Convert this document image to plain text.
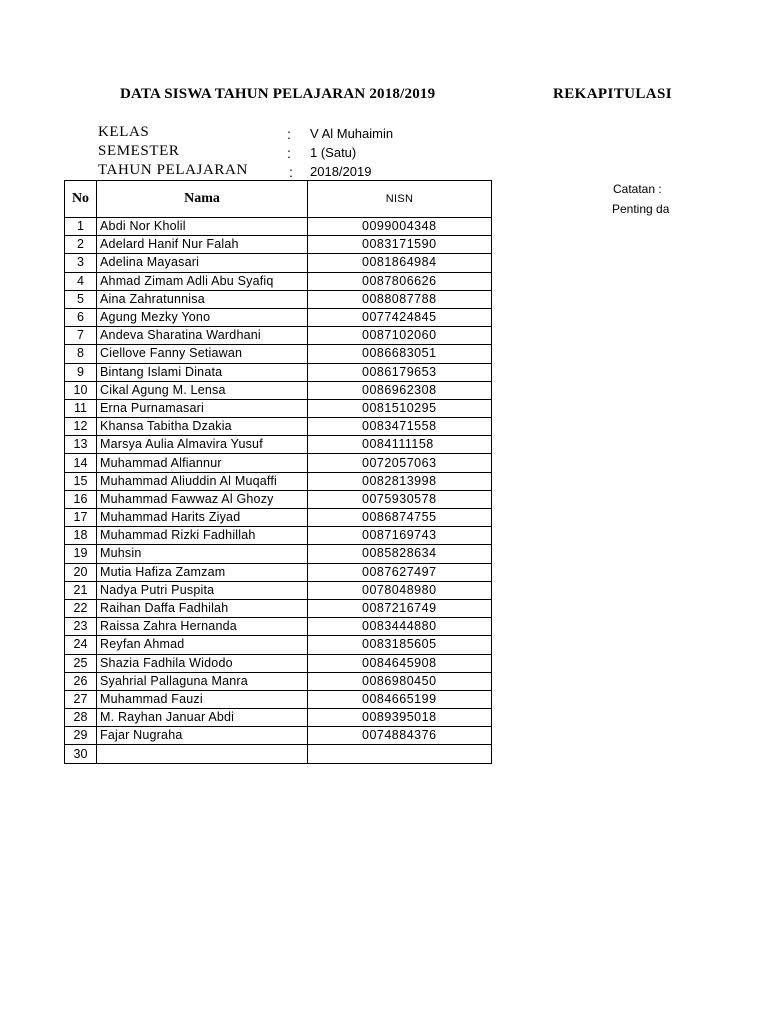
DATA SISWA TAHUN PELAJARAN 2018/2019	REKAPITULASI
KELAS	: V Al Muhaimin
SEMESTER	: 1 (Satu)
TAHUN PELAJARAN	: 2018/2019
Catatan :
Penting da
No	Nama	NISN
1	Abdi Nor Kholil	0099004348
2	Adelard Hanif Nur Falah	0083171590
3	Adelina Mayasari	0081864984
4	Ahmad Zimam Adli Abu Syafiq	0087806626
5	Aina Zahratunnisa	0088087788
6	Agung Mezky Yono	0077424845
7	Andeva Sharatina Wardhani	0087102060
8	Ciellove Fanny Setiawan	0086683051
9	Bintang Islami Dinata	0086179653
10	Cikal Agung M. Lensa	0086962308
11	Erna Purnamasari	0081510295
12	Khansa Tabitha Dzakia	0083471558
13	Marsya Aulia Almavira Yusuf	0084111158
14	Muhammad Alfiannur	0072057063
15	Muhammad Aliuddin Al Muqaffi	0082813998
16	Muhammad Fawwaz Al Ghozy	0075930578
17	Muhammad Harits Ziyad	0086874755
18	Muhammad Rizki Fadhillah	0087169743
19	Muhsin	0085828634
20	Mutia Hafiza Zamzam	0087627497
21	Nadya Putri Puspita	0078048980
22	Raihan Daffa Fadhilah	0087216749
23	Raissa Zahra Hernanda	0083444880
24	Reyfan Ahmad	0083185605
25	Shazia Fadhila Widodo	0084645908
26	Syahrial Pallaguna Manra	0086980450
27	Muhammad Fauzi	0084665199
28	M. Rayhan Januar Abdi	0089395018
29	Fajar Nugraha	0074884376
30		
